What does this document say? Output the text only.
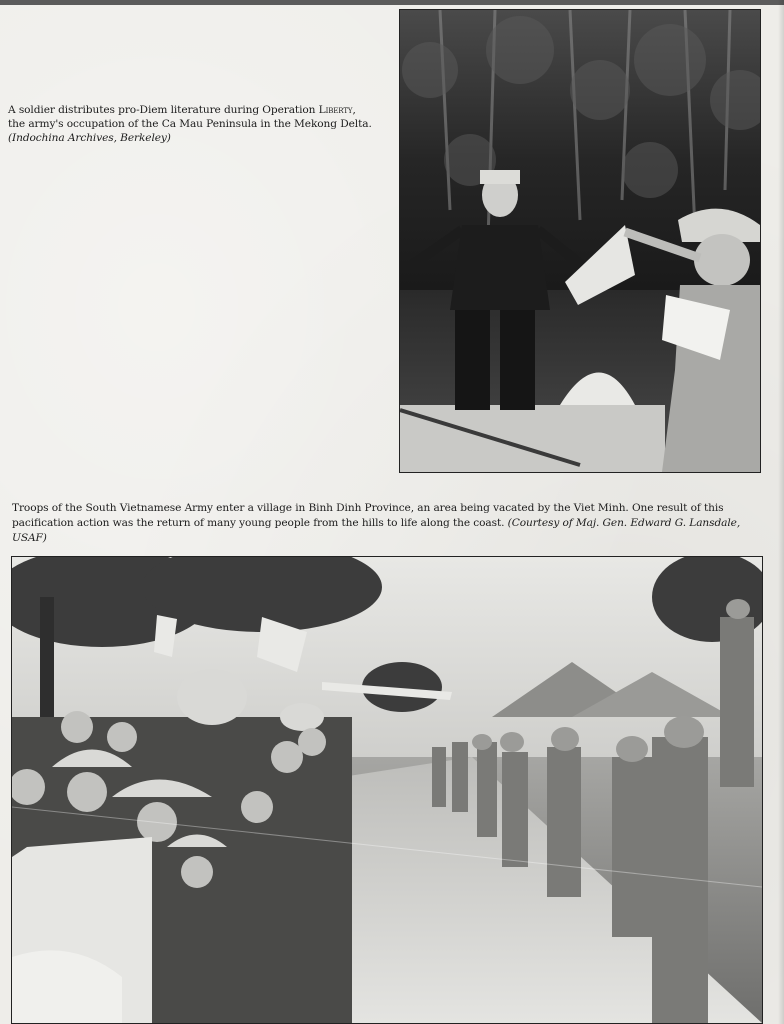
A soldier distributes pro-Diem literature during Operation Liberty,
the army's occupation of the Ca Mau Peninsula in the Mekong Delta.
(Indochina Archives, Berkeley)
Troops of the South Vietnamese Army enter a village in Binh Dinh Province, an area being vacated by the Viet Minh. One result of this pacification action was the return of many young people from the hills to life along the coast. (Courtesy of Maj. Gen. Edward G. Lansdale, USAF)
